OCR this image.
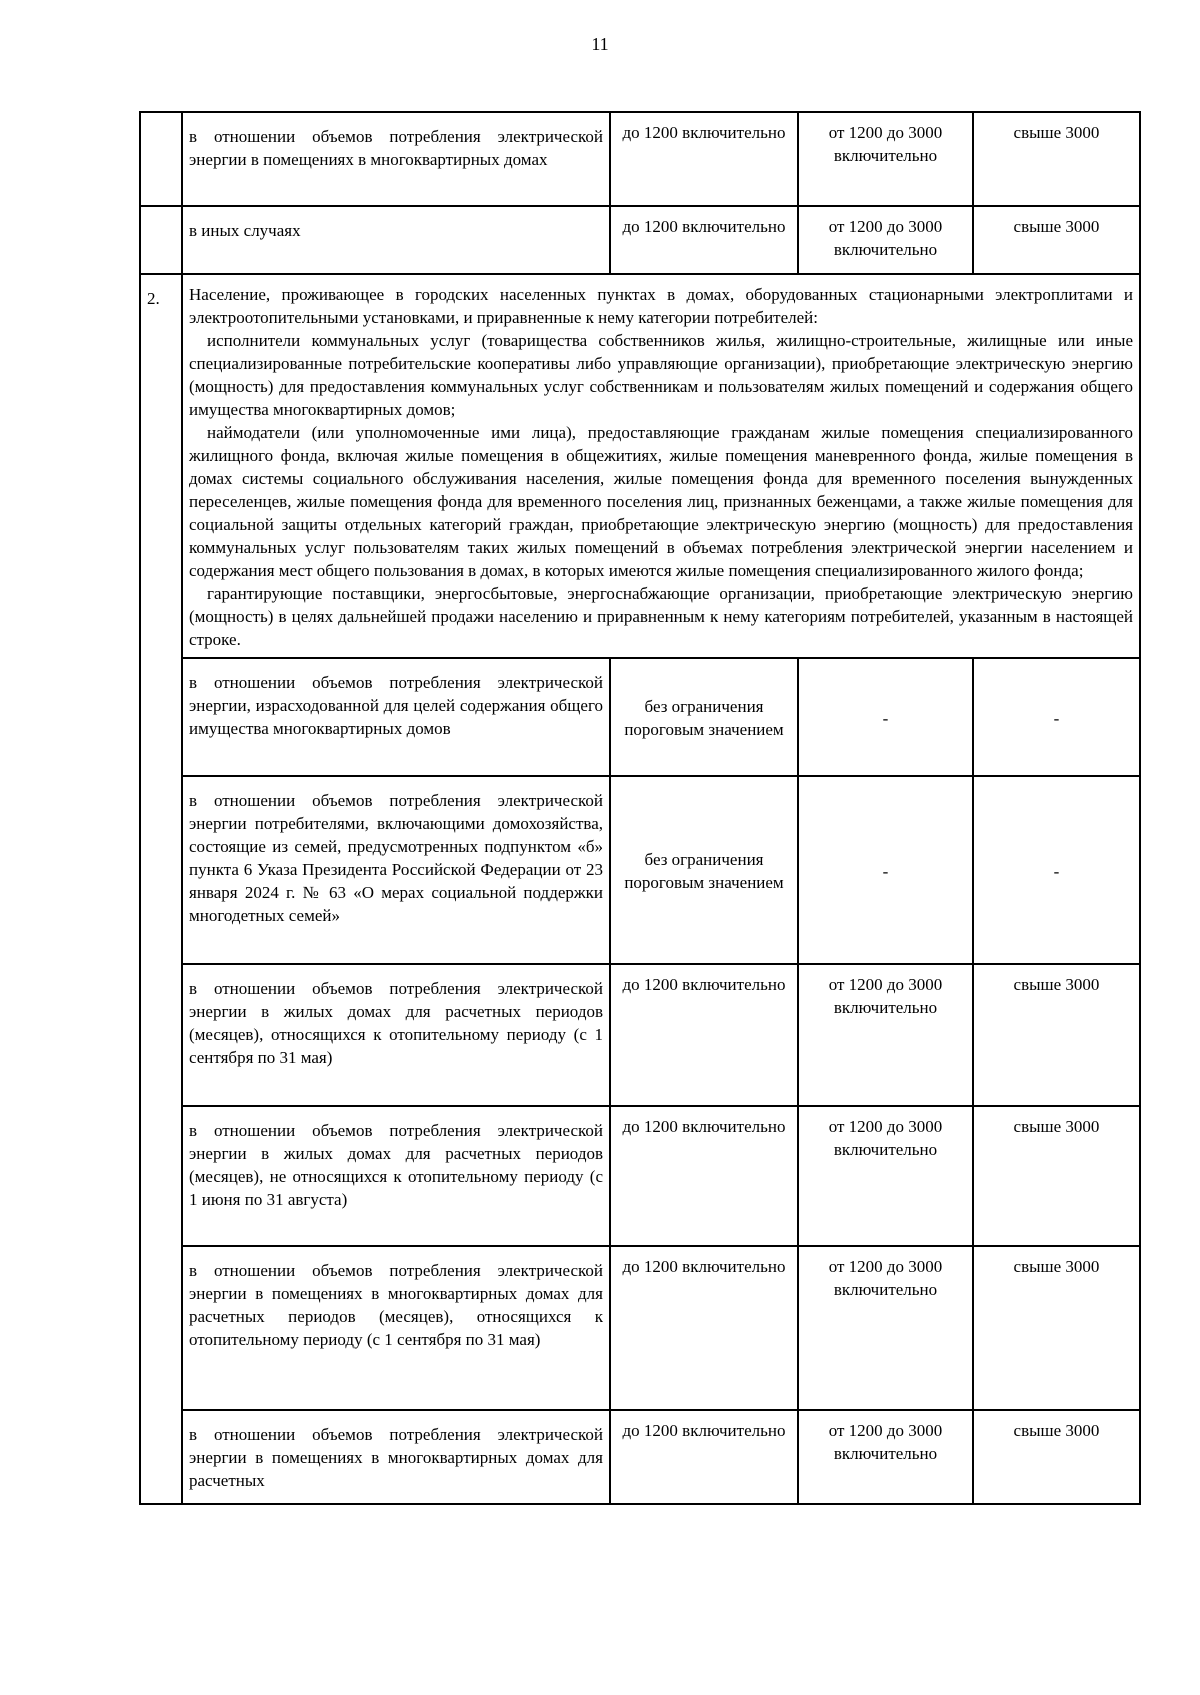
11
	в отношении объемов потребления электрической энергии в помещениях в многоквартирных домах	до 1200 включительно	от 1200 до 3000 включительно	свыше 3000
	в иных случаях	до 1200 включительно	от 1200 до 3000 включительно	свыше 3000
2.	Население, проживающее в городских населенных пунктах в домах, оборудованных стационарными электроплитами и электроотопительными установками, и приравненные к нему категории потребителей:

исполнители коммунальных услуг (товарищества собственников жилья, жилищно-строительные, жилищные или иные специализированные потребительские кооперативы либо управляющие организации), приобретающие электрическую энергию (мощность) для предоставления коммунальных услуг собственникам и пользователям жилых помещений и содержания общего имущества многоквартирных домов;

наймодатели (или уполномоченные ими лица), предоставляющие гражданам жилые помещения специализированного жилищного фонда, включая жилые помещения в общежитиях, жилые помещения маневренного фонда, жилые помещения в домах системы социального обслуживания населения, жилые помещения фонда для временного поселения вынужденных переселенцев, жилые помещения фонда для временного поселения лиц, признанных беженцами, а также жилые помещения для социальной защиты отдельных категорий граждан, приобретающие электрическую энергию (мощность) для предоставления коммунальных услуг пользователям таких жилых помещений в объемах потребления электрической энергии населением и содержания мест общего пользования в домах, в которых имеются жилые помещения специализированного жилого фонда;

гарантирующие поставщики, энергосбытовые, энергоснабжающие организации, приобретающие электрическую энергию (мощность) в целях дальнейшей продажи населению и приравненным к нему категориям потребителей, указанным в настоящей строке.			

	в отношении объемов потребления электрической энергии, израсходованной для целей содержания общего имущества многоквартирных домов	без ограничения пороговым значением	-	-
	в отношении объемов потребления электрической энергии потребителями, включающими домохозяйства, состоящие из семей, предусмотренных подпунктом «б» пункта 6 Указа Президента Российской Федерации от 23 января 2024 г. № 63 «О мерах социальной поддержки многодетных семей»	без ограничения пороговым значением	-	-
	в отношении объемов потребления электрической энергии в жилых домах для расчетных периодов (месяцев), относящихся к отопительному периоду (с 1 сентября по 31 мая)	до 1200 включительно	от 1200 до 3000 включительно	свыше 3000
	в отношении объемов потребления электрической энергии в жилых домах для расчетных периодов (месяцев), не относящихся к отопительному периоду (с 1 июня по 31 августа)	до 1200 включительно	от 1200 до 3000 включительно	свыше 3000
	в отношении объемов потребления электрической энергии в помещениях в многоквартирных домах для расчетных периодов (месяцев), относящихся к отопительному периоду (с 1 сентября по 31 мая)	до 1200 включительно	от 1200 до 3000 включительно	свыше 3000
	в отношении объемов потребления электрической энергии в помещениях в многоквартирных домах для расчетных	до 1200 включительно	от 1200 до 3000 включительно	свыше 3000
